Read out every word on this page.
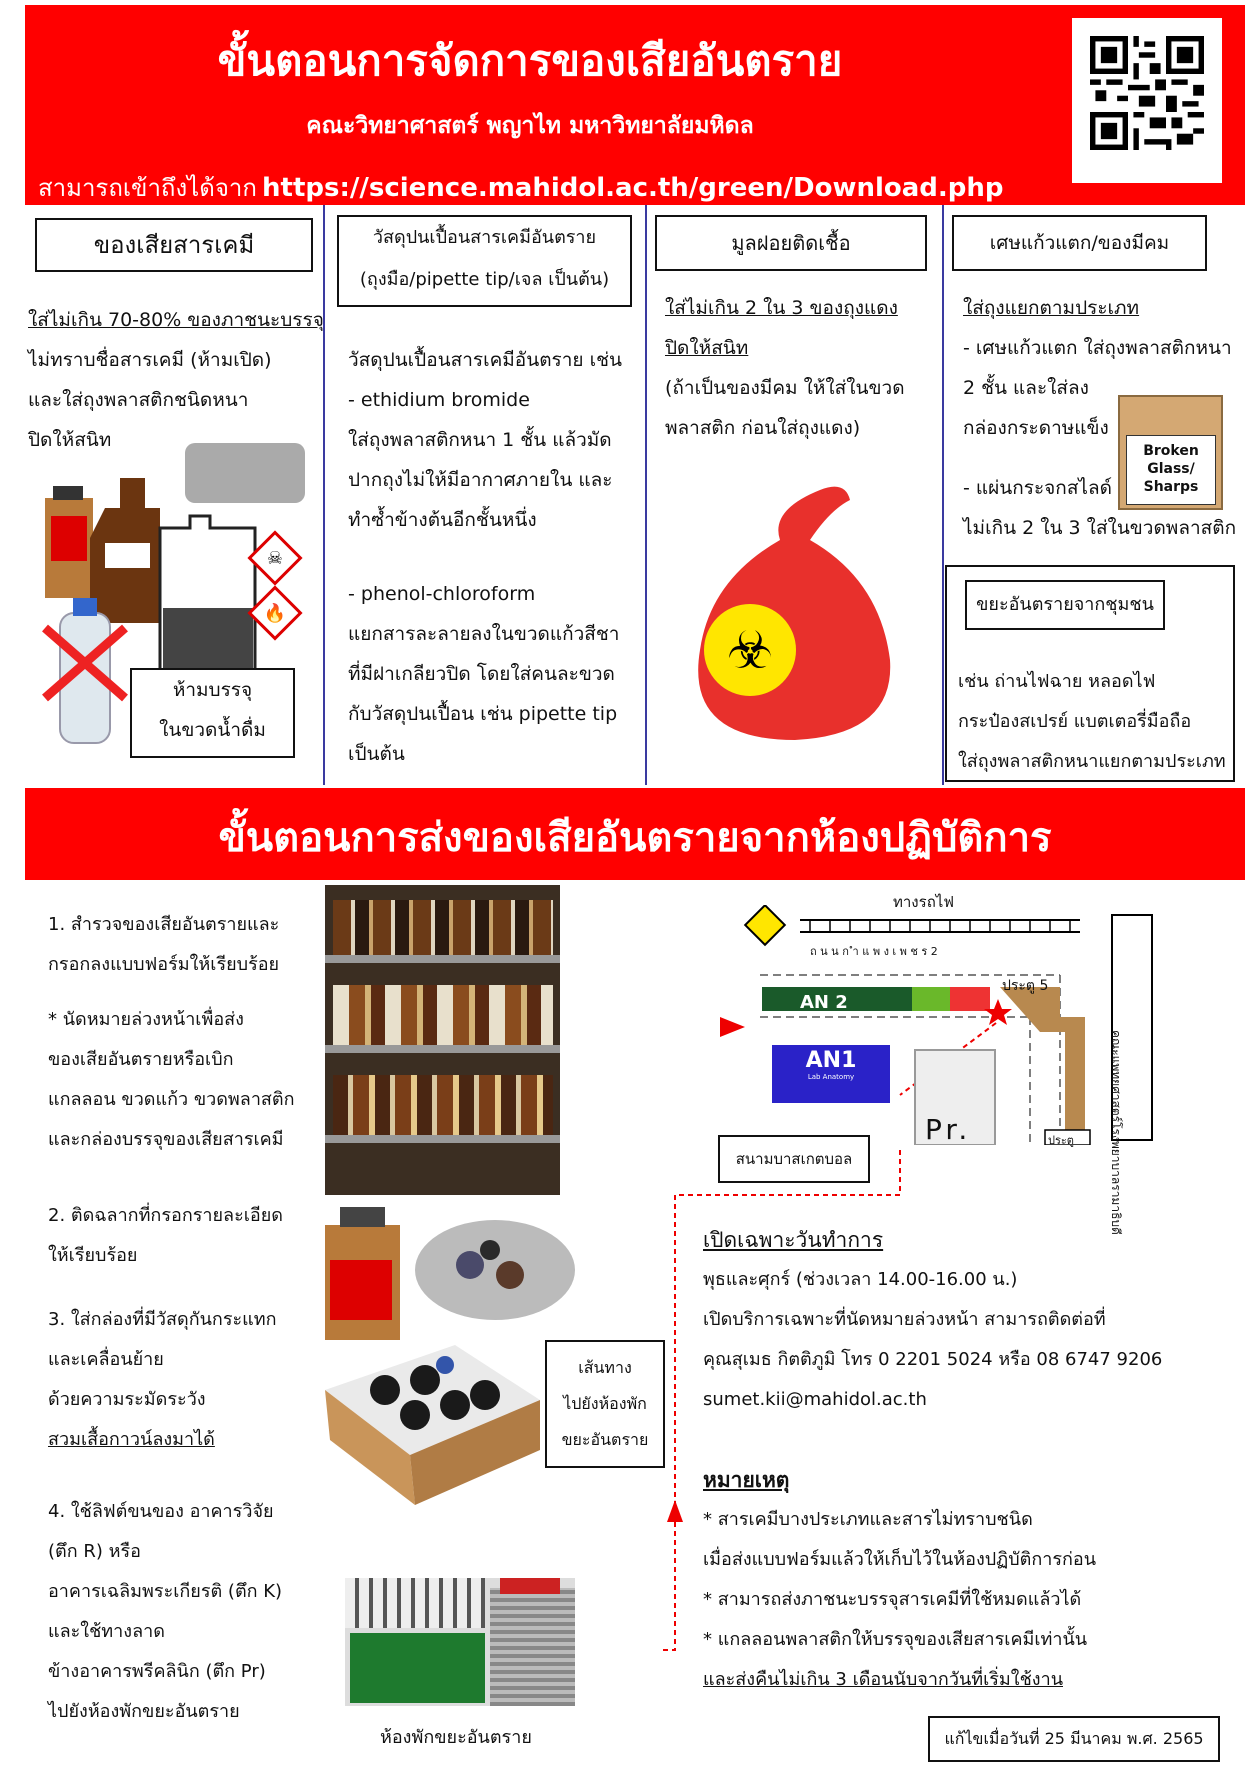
ขั้นตอนการจัดการของเสียอันตราย
คณะวิทยาศาสตร์ พญาไท มหาวิทยาลัยมหิดล
สามารถเข้าถึงได้จาก https://science.mahidol.ac.th/green/Download.php
ของเสียสารเคมี
ใส่ไม่เกิน 70-80% ของภาชนะบรรจุ
ไม่ทราบชื่อสารเคมี (ห้ามเปิด)
และใส่ถุงพลาสติกชนิดหนา
ปิดให้สนิท
☠
🔥
ห้ามบรรจุ
ในขวดน้ำดื่ม
วัสดุปนเปื้อนสารเคมีอันตราย
(ถุงมือ/pipette tip/เจล เป็นต้น)
วัสดุปนเปื้อนสารเคมีอันตราย เช่น
- ethidium bromide
ใส่ถุงพลาสติกหนา 1 ชั้น แล้วมัด
ปากถุงไม่ให้มีอากาศภายใน และ
ทำซ้ำข้างต้นอีกชั้นหนึ่ง
- phenol-chloroform
แยกสารละลายลงในขวดแก้วสีชา
ที่มีฝาเกลียวปิด โดยใส่คนละขวด
กับวัสดุปนเปื้อน เช่น pipette tip
เป็นต้น
มูลฝอยติดเชื้อ
ใส่ไม่เกิน 2 ใน 3 ของถุงแดง
ปิดให้สนิท
(ถ้าเป็นของมีคม ให้ใส่ในขวด
พลาสติก ก่อนใส่ถุงแดง)
☣
เศษแก้วแตก/ของมีคม
ใส่ถุงแยกตามประเภท
- เศษแก้วแตก ใส่ถุงพลาสติกหนา
2 ชั้น และใส่ลง
กล่องกระดาษแข็ง
- แผ่นกระจกสไลด์
ไม่เกิน 2 ใน 3 ใส่ในขวดพลาสติก
Broken
Glass/
Sharps
ขยะอันตรายจากชุมชน
เช่น ถ่านไฟฉาย หลอดไฟ
กระป๋องสเปรย์ แบตเตอรี่มือถือ
ใส่ถุงพลาสติกหนาแยกตามประเภท
ขั้นตอนการส่งของเสียอันตรายจากห้องปฏิบัติการ
1. สำรวจของเสียอันตรายและ
กรอกลงแบบฟอร์มให้เรียบร้อย
* นัดหมายล่วงหน้าเพื่อส่ง
ของเสียอันตรายหรือเบิก
แกลลอน ขวดแก้ว ขวดพลาสติก
และกล่องบรรจุของเสียสารเคมี
2. ติดฉลากที่กรอกรายละเอียด
ให้เรียบร้อย
3. ใส่กล่องที่มีวัสดุกันกระแทก
และเคลื่อนย้าย
ด้วยความระมัดระวัง
สวมเสื้อกาวน์ลงมาได้
4. ใช้ลิฟต์ขนของ อาคารวิจัย
(ตึก R) หรือ
อาคารเฉลิมพระเกียรติ (ตึก K)
และใช้ทางลาด
ข้างอาคารพรีคลินิก (ตึก Pr)
ไปยังห้องพักขยะอันตราย
เส้นทาง
ไปยังห้องพัก
ขยะอันตราย
ห้องพักขยะอันตราย
ทางรถไฟ
ถ น น ก ำ แ พ ง เ พ ช ร 2
ประตู 5
AN 2
AN1
Lab Anatomy
Pr.
สนามบาสเกตบอล
ประตู	คณะแพทยศาสตร์โรงพยาบาลรามาธิบดี
เปิดเฉพาะวันทำการ
พุธและศุกร์ (ช่วงเวลา 14.00-16.00 น.)
เปิดบริการเฉพาะที่นัดหมายล่วงหน้า สามารถติดต่อที่
คุณสุเมธ กิตติภูมิ โทร 0 2201 5024 หรือ 08 6747 9206
sumet.kii@mahidol.ac.th
หมายเหตุ
* สารเคมีบางประเภทและสารไม่ทราบชนิด
เมื่อส่งแบบฟอร์มแล้วให้เก็บไว้ในห้องปฏิบัติการก่อน
* สามารถส่งภาชนะบรรจุสารเคมีที่ใช้หมดแล้วได้
* แกลลอนพลาสติกให้บรรจุของเสียสารเคมีเท่านั้น
และส่งคืนไม่เกิน 3 เดือนนับจากวันที่เริ่มใช้งาน
แก้ไขเมื่อวันที่ 25 มีนาคม พ.ศ. 2565
